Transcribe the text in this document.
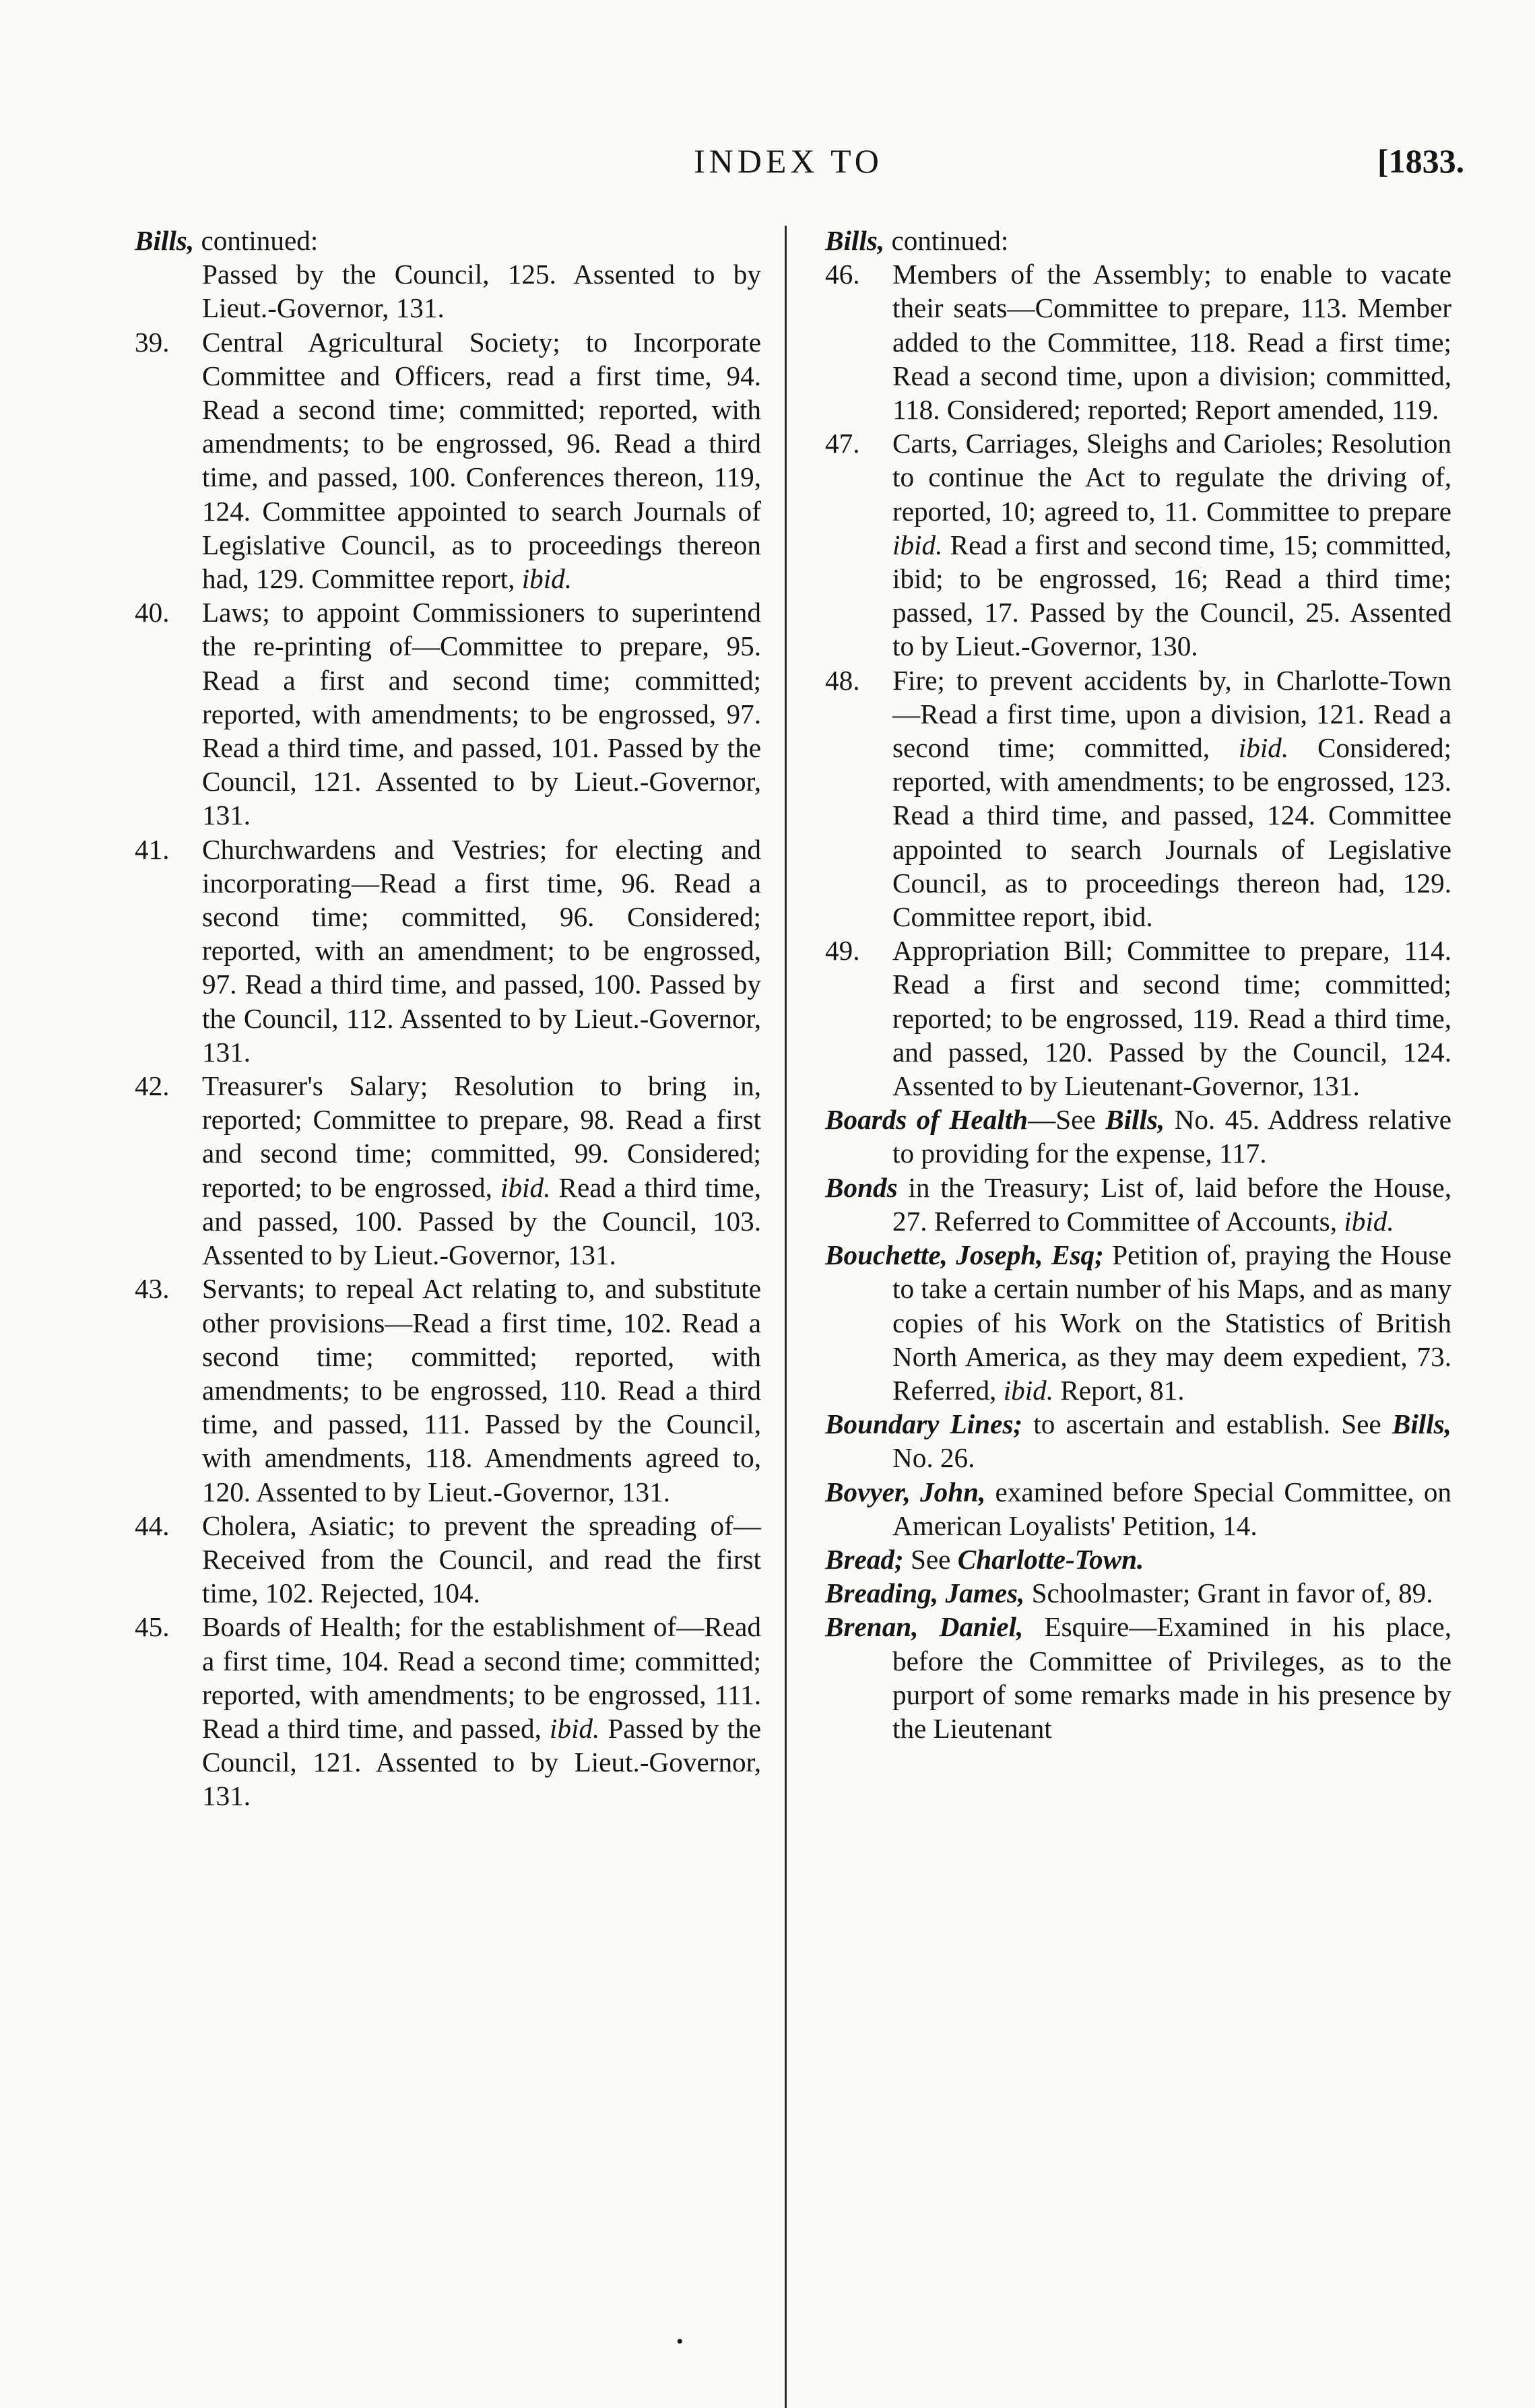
INDEX TO	[1833.
Bills, continued:
Passed by the Council, 125. Assented to by Lieut.-Governor, 131.
39. Central Agricultural Society; to Incorporate Committee and Officers, read a first time, 94. Read a second time; committed; reported, with amendments; to be engrossed, 96. Read a third time, and passed, 100. Conferences thereon, 119, 124. Committee appointed to search Journals of Legislative Council, as to proceedings thereon had, 129. Committee report, ibid.
40. Laws; to appoint Commissioners to superintend the re-printing of—Committee to prepare, 95. Read a first and second time; committed; reported, with amendments; to be engrossed, 97. Read a third time, and passed, 101. Passed by the Council, 121. Assented to by Lieut.-Governor, 131.
41. Churchwardens and Vestries; for electing and incorporating—Read a first time, 96. Read a second time; committed, 96. Considered; reported, with an amendment; to be engrossed, 97. Read a third time, and passed, 100. Passed by the Council, 112. Assented to by Lieut.-Governor, 131.
42. Treasurer's Salary; Resolution to bring in, reported; Committee to prepare, 98. Read a first and second time; committed, 99. Considered; reported; to be engrossed, ibid. Read a third time, and passed, 100. Passed by the Council, 103. Assented to by Lieut.-Governor, 131.
43. Servants; to repeal Act relating to, and substitute other provisions—Read a first time, 102. Read a second time; committed; reported, with amendments; to be engrossed, 110. Read a third time, and passed, 111. Passed by the Council, with amendments, 118. Amendments agreed to, 120. Assented to by Lieut.-Governor, 131.
44. Cholera, Asiatic; to prevent the spreading of—Received from the Council, and read the first time, 102. Rejected, 104.
45. Boards of Health; for the establishment of—Read a first time, 104. Read a second time; committed; reported, with amendments; to be engrossed, 111. Read a third time, and passed, ibid. Passed by the Council, 121. Assented to by Lieut.-Governor, 131.
Bills, continued:
46. Members of the Assembly; to enable to vacate their seats—Committee to prepare, 113. Member added to the Committee, 118. Read a first time; Read a second time, upon a division; committed, 118. Considered; reported; Report amended, 119.
47. Carts, Carriages, Sleighs and Carioles; Resolution to continue the Act to regulate the driving of, reported, 10; agreed to, 11. Committee to prepare ibid. Read a first and second time, 15; committed, ibid; to be engrossed, 16; Read a third time; passed, 17. Passed by the Council, 25. Assented to by Lieut.-Governor, 130.
48. Fire; to prevent accidents by, in Charlotte-Town—Read a first time, upon a division, 121. Read a second time; committed, ibid. Considered; reported, with amendments; to be engrossed, 123. Read a third time, and passed, 124. Committee appointed to search Journals of Legislative Council, as to proceedings thereon had, 129. Committee report, ibid.
49. Appropriation Bill; Committee to prepare, 114. Read a first and second time; committed; reported; to be engrossed, 119. Read a third time, and passed, 120. Passed by the Council, 124. Assented to by Lieutenant-Governor, 131.
Boards of Health—See Bills, No. 45. Address relative to providing for the expense, 117.
Bonds in the Treasury; List of, laid before the House, 27. Referred to Committee of Accounts, ibid.
Bouchette, Joseph, Esq; Petition of, praying the House to take a certain number of his Maps, and as many copies of his Work on the Statistics of British North America, as they may deem expedient, 73. Referred, ibid. Report, 81.
Boundary Lines; to ascertain and establish. See Bills, No. 26.
Bovyer, John, examined before Special Committee, on American Loyalists' Petition, 14.
Bread; See Charlotte-Town.
Breading, James, Schoolmaster; Grant in favor of, 89.
Brenan, Daniel, Esquire—Examined in his place, before the Committee of Privileges, as to the purport of some remarks made in his presence by the Lieutenant
•
